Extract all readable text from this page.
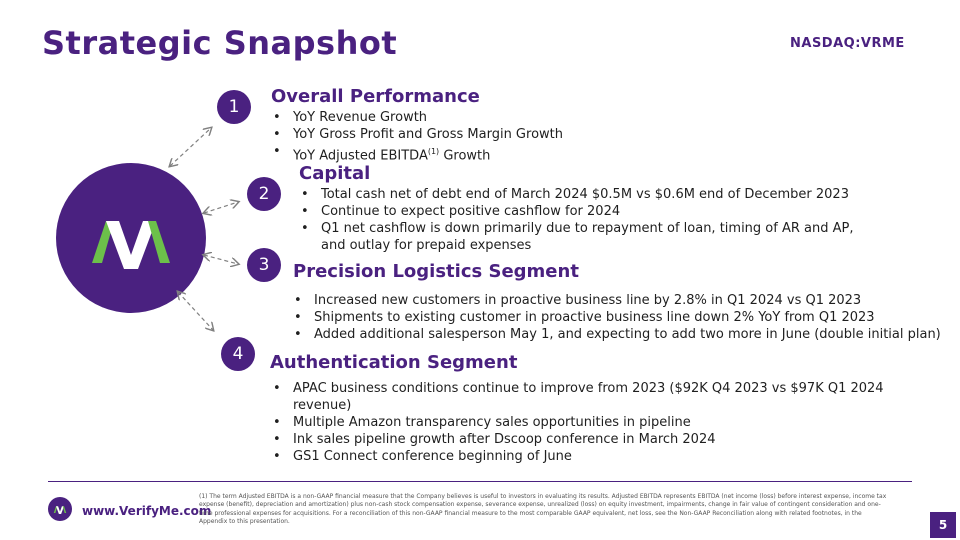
Strategic Snapshot	NASDAQ:VRME
1	Overall Performance
• YoY Revenue Growth
• YoY Gross Profit and Gross Margin Growth
• YoY Adjusted EBITDA$^{(1)}$ Growth
2
Capital
• Total cash net of debt end of March 2024 $0.5M vs $0.6M end of December 2023
• Continue to expect positive cashflow for 2024
• Q1 net cashflow is down primarily due to repayment of loan, timing of AR and AP, and outlay for prepaid expenses
3	Precision Logistics Segment
• Increased new customers in proactive business line by 2.8% in Q1 2024 vs Q1 2023
• Shipments to existing customer in proactive business line down 2% YoY from Q1 2023
• Added additional salesperson May 1, and expecting to add two more in June (double initial plan)
4	Authentication Segment
• APAC business conditions continue to improve from 2023 ($92K Q4 2023 vs $97K Q1 2024 revenue)
• Multiple Amazon transparency sales opportunities in pipeline
• Ink sales pipeline growth after Dscoop conference in March 2024
• GS1 Connect conference beginning of June
www.VerifyMe.com
(1) The term Adjusted EBITDA is a non-GAAP financial measure that the Company believes is useful to investors in evaluating its results. Adjusted EBITDA represents EBITDA (net income (loss) before interest expense, income tax expense (benefit), depreciation and amortization) plus non-cash stock compensation expense, severance expense, unrealized (loss) on equity investment, impairments, change in fair value of contingent consideration and one-time professional expenses for acquisitions. For a reconciliation of this non-GAAP financial measure to the most comparable GAAP equivalent, net loss, see the Non-GAAP Reconciliation along with related footnotes, in the Appendix to this presentation.	5
